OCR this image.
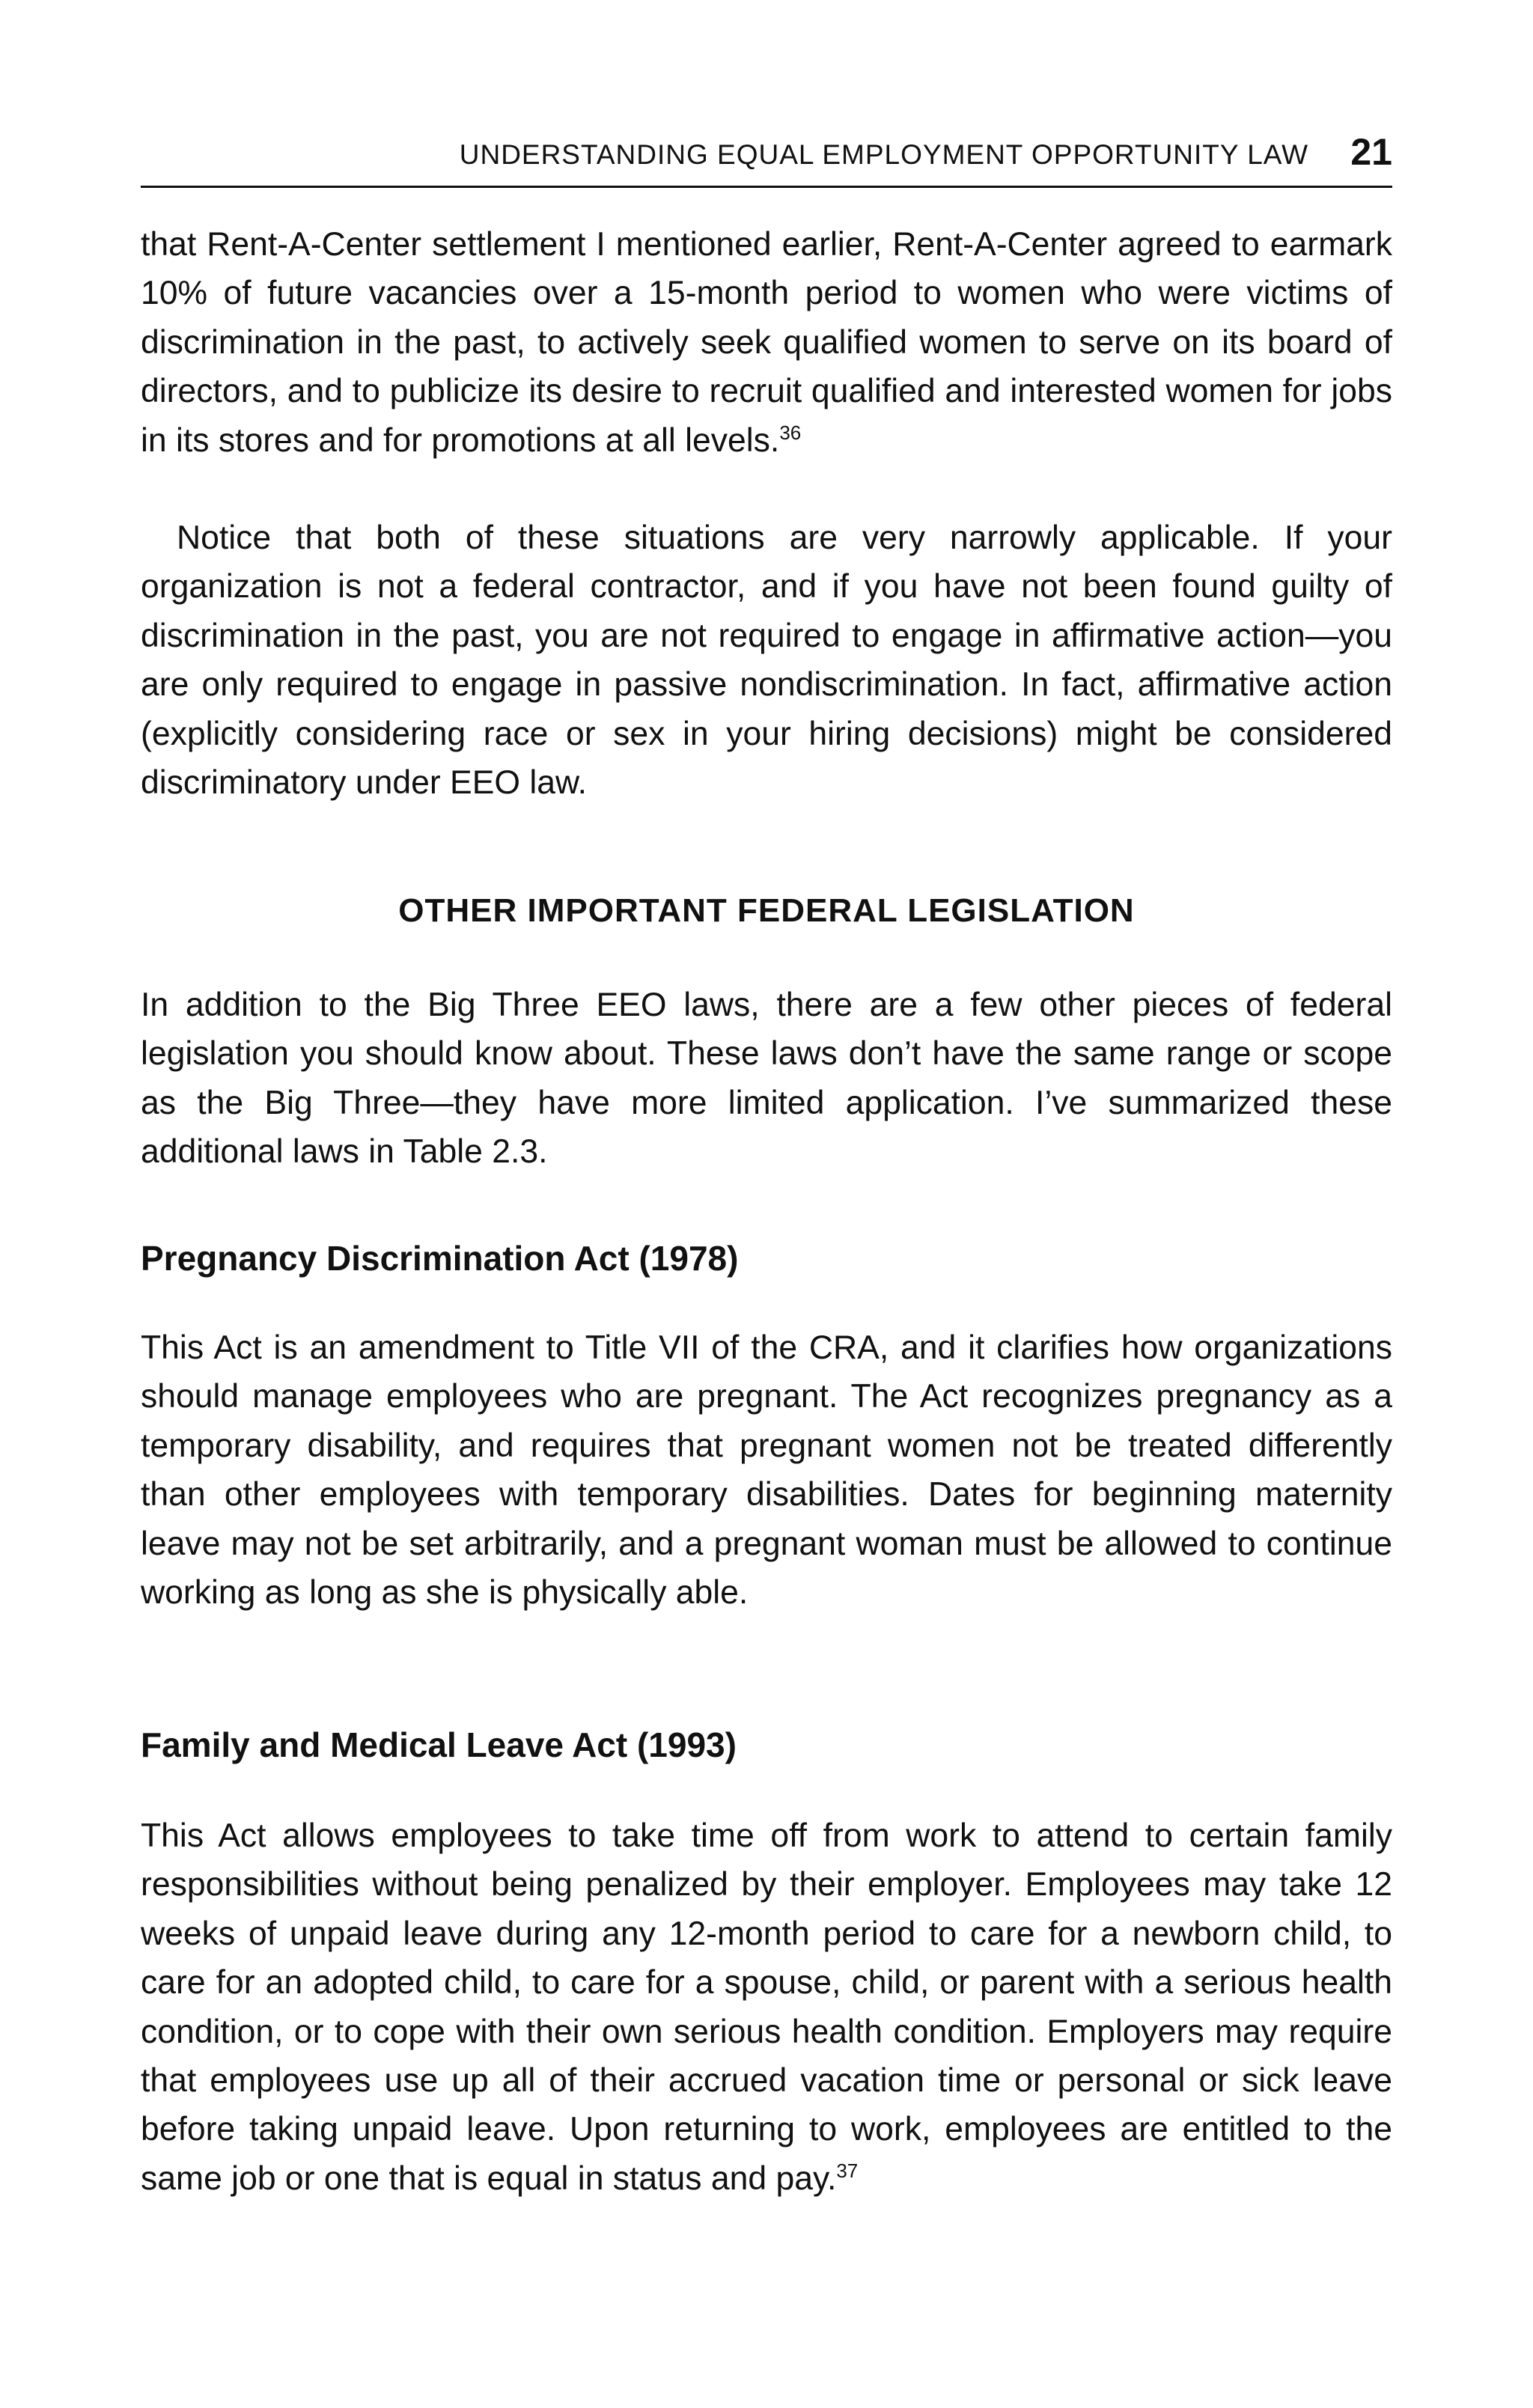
UNDERSTANDING EQUAL EMPLOYMENT OPPORTUNITY LAW 21

that Rent-A-Center settlement I mentioned earlier, Rent-A-Center agreed to earmark 10% of future vacancies over a 15-month period to women who were victims of discrimination in the past, to actively seek qualified women to serve on its board of directors, and to publicize its desire to recruit qualified and interested women for jobs in its stores and for promotions at all levels.$^{36}$

Notice that both of these situations are very narrowly applicable. If your organization is not a federal contractor, and if you have not been found guilty of discrimination in the past, you are not required to engage in affirmative action—you are only required to engage in passive nondiscrimination. In fact, affirmative action (explicitly considering race or sex in your hiring decisions) might be considered discriminatory under EEO law.

OTHER IMPORTANT FEDERAL LEGISLATION

In addition to the Big Three EEO laws, there are a few other pieces of federal legislation you should know about. These laws don’t have the same range or scope as the Big Three—they have more limited application. I’ve summarized these additional laws in Table 2.3.

Pregnancy Discrimination Act (1978)

This Act is an amendment to Title VII of the CRA, and it clarifies how organizations should manage employees who are pregnant. The Act recognizes pregnancy as a temporary disability, and requires that pregnant women not be treated differently than other employees with temporary disabilities. Dates for beginning maternity leave may not be set arbitrarily, and a pregnant woman must be allowed to continue working as long as she is physically able.

Family and Medical Leave Act (1993)

This Act allows employees to take time off from work to attend to certain family responsibilities without being penalized by their employer. Employees may take 12 weeks of unpaid leave during any 12-month period to care for a newborn child, to care for an adopted child, to care for a spouse, child, or parent with a serious health condition, or to cope with their own serious health condition. Employers may require that employees use up all of their accrued vacation time or personal or sick leave before taking unpaid leave. Upon returning to work, employees are entitled to the same job or one that is equal in status and pay.$^{37}$
